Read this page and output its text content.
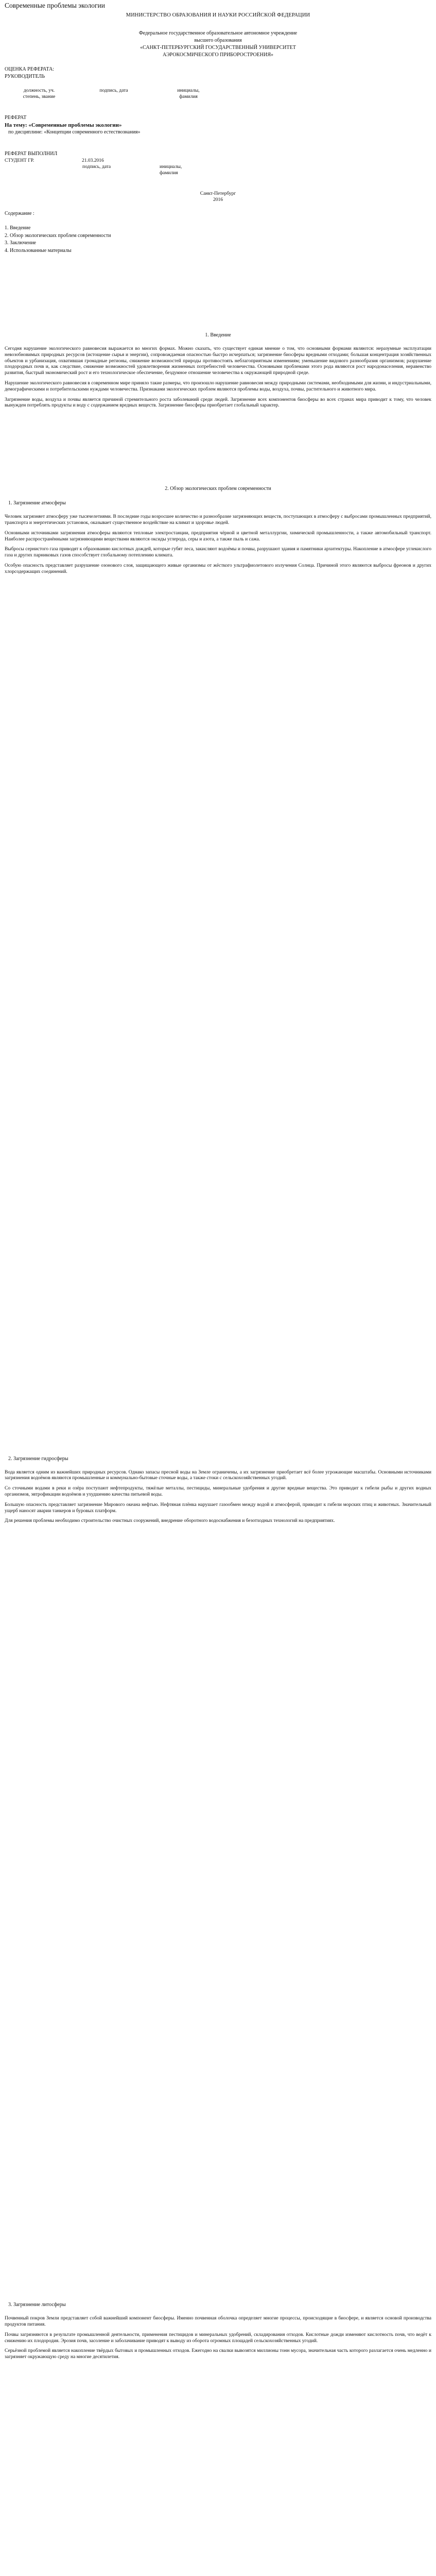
Современные проблемы экологии
МИНИСТЕРСТВО ОБРАЗОВАНИЯ И НАУКИ РОССИЙСКОЙ ФЕДЕРАЦИИ
Федеральное государственное образовательное автономное учреждение
высшего образования
«САНКТ-ПЕТЕРБУРГСКИЙ ГОСУДАРСТВЕННЫЙ УНИВЕРСИТЕТ
АЭРОКОСМИЧЕСКОГО ПРИБОРОСТРОЕНИЯ»
ОЦЕНКА РЕФЕРАТА:
РУКОВОДИТЕЛЬ
должность, уч.
степень, звание
подпись, дата	инициалы,
фамилия
РЕФЕРАТ
На тему: «Современные проблемы экологии»
по дисциплине: «Концепции современного естествознания»
РЕФЕРАТ ВЫПОЛНИЛ
СТУДЕНТ ГР.	21.03.2016
подпись, дата	инициалы,
фамилия
Санкт-Петербург
2016
Содержание :
1. Введение
2. Обзор экологических проблем современности
3. Заключение
4. Использованные материалы
1. Введение

Сегодня нарушение экологического равновесия выражается во многих формах. Можно сказать, что существует единая мнение о том, что основными формами являются: неразумные эксплуатации невозобновимых природных ресурсов (истощение сырья и энергии), сопровождаемая опасностью быстро исчерпаться; загрязнение биосферы вредными отходами; большая концентрация хозяйственных объектов и урбанизация, охватившая громадные регионы, снижение возможностей природы противостоять неблагоприятным изменениям; уменьшение видового разнообразия организмов; разрушение плодородных почв и, как следствие, снижение возможностей удовлетворения жизненных потребностей человечества. Основными проблемами этого рода являются рост народонаселения, неравенство развития, быстрый экономический рост и его технологическое обеспечение, бездумное отношение человечества к окружающей природной среде.

Нарушение экологического равновесия в современном мире приняло такие размеры, что произошло нарушение равновесия между природными системами, необходимыми для жизни, и индустриальными, демографическими и потребительскими нуждами человечества. Признаками экологических проблем являются проблемы воды, воздуха, почвы, растительного и животного мира.

Загрязнение воды, воздуха и почвы является причиной стремительного роста заболеваний среди людей. Загрязнение всех компонентов биосферы во всех странах мира приводит к тому, что человек вынужден потреблять продукты и воду с содержанием вредных веществ. Загрязнение биосферы приобретает глобальный характер.

2. Обзор экологических проблем современности
1. Загрязнение атмосферы

Человек загрязняет атмосферу уже тысячелетиями. В последние годы возросшее количество и разнообразие загрязняющих веществ, поступающих в атмосферу с выбросами промышленных предприятий, транспорта и энергетических установок, оказывает существенное воздействие на климат и здоровье людей.

Основными источниками загрязнения атмосферы являются тепловые электростанции, предприятия чёрной и цветной металлургии, химической промышленности, а также автомобильный транспорт. Наиболее распространёнными загрязняющими веществами являются оксиды углерода, серы и азота, а также пыль и сажа.

Выбросы сернистого газа приводят к образованию кислотных дождей, которые губят леса, закисляют водоёмы и почвы, разрушают здания и памятники архитектуры. Накопление в атмосфере углекислого газа и других парниковых газов способствует глобальному потеплению климата.

Особую опасность представляет разрушение озонового слоя, защищающего живые организмы от жёсткого ультрафиолетового излучения Солнца. Причиной этого являются выбросы фреонов и других хлорсодержащих соединений.

2. Загрязнение гидросферы

Вода является одним из важнейших природных ресурсов. Однако запасы пресной воды на Земле ограничены, а их загрязнение приобретает всё более угрожающие масштабы. Основными источниками загрязнения водоёмов являются промышленные и коммунально-бытовые сточные воды, а также стоки с сельскохозяйственных угодий.

Со сточными водами в реки и озёра поступают нефтепродукты, тяжёлые металлы, пестициды, минеральные удобрения и другие вредные вещества. Это приводит к гибели рыбы и других водных организмов, эвтрофикации водоёмов и ухудшению качества питьевой воды.

Большую опасность представляет загрязнение Мирового океана нефтью. Нефтяная плёнка нарушает газообмен между водой и атмосферой, приводит к гибели морских птиц и животных. Значительный ущерб наносят аварии танкеров и буровых платформ.

Для решения проблемы необходимо строительство очистных сооружений, внедрение оборотного водоснабжения и безотходных технологий на предприятиях.

3. Загрязнение литосферы

Почвенный покров Земли представляет собой важнейший компонент биосферы. Именно почвенная оболочка определяет многие процессы, происходящие в биосфере, и является основой производства продуктов питания.

Почвы загрязняются в результате промышленной деятельности, применения пестицидов и минеральных удобрений, складирования отходов. Кислотные дожди изменяют кислотность почв, что ведёт к снижению их плодородия. Эрозия почв, засоление и заболачивание приводят к выводу из оборота огромных площадей сельскохозяйственных угодий.

Серьёзной проблемой является накопление твёрдых бытовых и промышленных отходов. Ежегодно на свалки вывозятся миллионы тонн мусора, значительная часть которого разлагается очень медленно и загрязняет окружающую среду на многие десятилетия.
